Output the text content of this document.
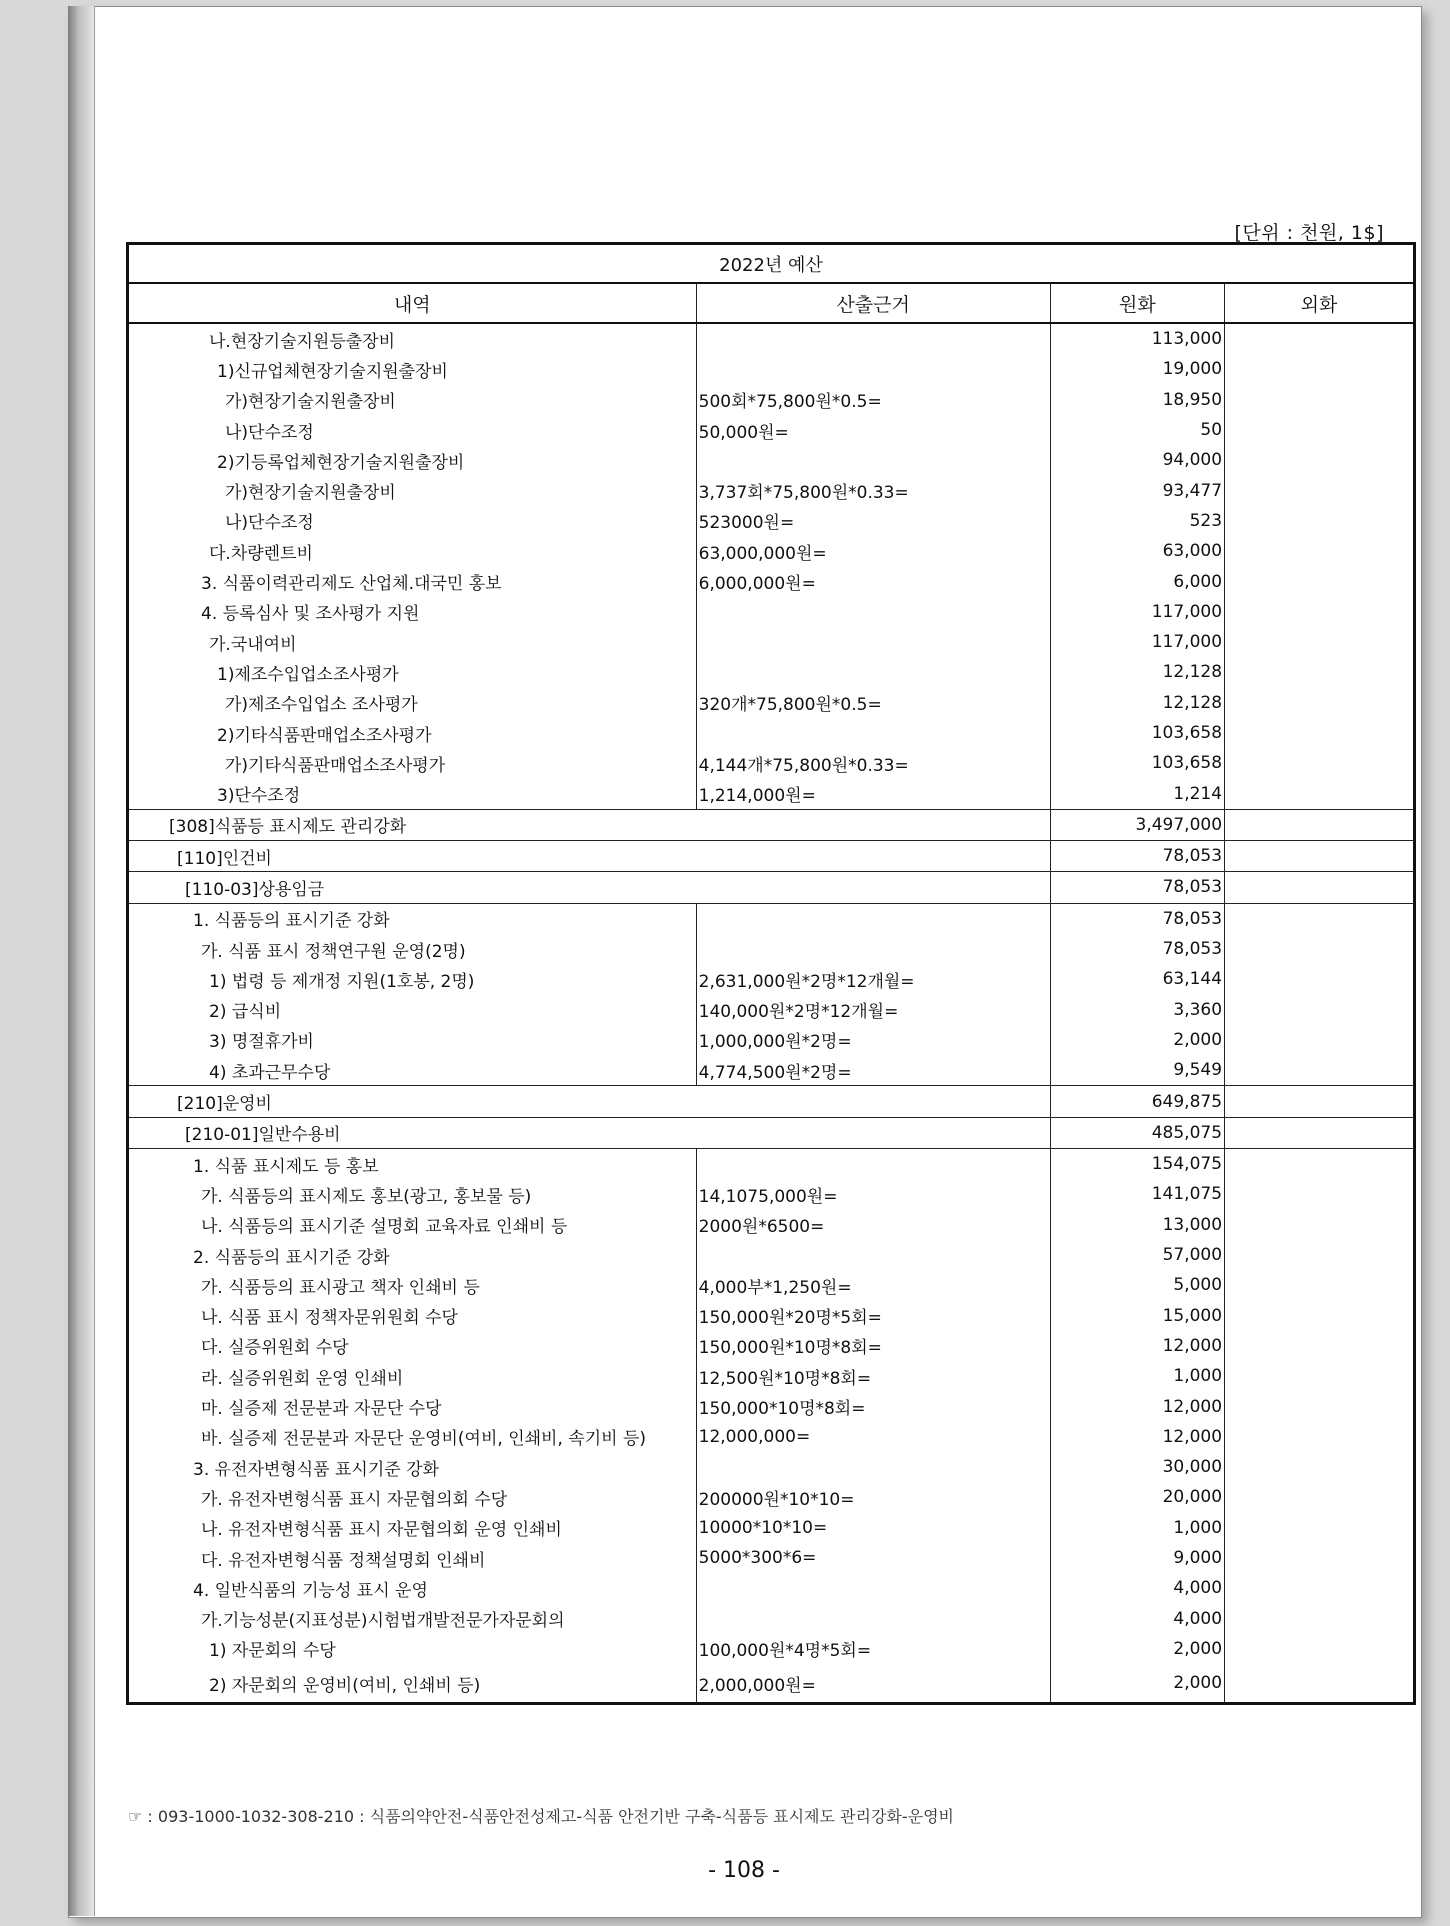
[단위 : 천원, 1$]
2022년 예산			
내역	산출근거	원화	외화
나.현장기술지원등출장비		113,000	
1)신규업체현장기술지원출장비		19,000	
가)현장기술지원출장비	500회*75,800원*0.5=	18,950	
나)단수조정	50,000원=	50	
2)기등록업체현장기술지원출장비		94,000	
가)현장기술지원출장비	3,737회*75,800원*0.33=	93,477	
나)단수조정	523000원=	523	
다.차량렌트비	63,000,000원=	63,000	
3. 식품이력관리제도 산업체.대국민 홍보	6,000,000원=	6,000	
4. 등록심사 및 조사평가 지원		117,000	
가.국내여비		117,000	
1)제조수입업소조사평가		12,128	
가)제조수입업소 조사평가	320개*75,800원*0.5=	12,128	
2)기타식품판매업소조사평가		103,658	
가)기타식품판매업소조사평가	4,144개*75,800원*0.33=	103,658	
3)단수조정	1,214,000원=	1,214	
[308]식품등 표시제도 관리강화		3,497,000	
[110]인건비		78,053	
[110-03]상용임금		78,053	
1. 식품등의 표시기준 강화		78,053	
가. 식품 표시 정책연구원 운영(2명)		78,053	
1) 법령 등 제개정 지원(1호봉, 2명)	2,631,000원*2명*12개월=	63,144	
2) 급식비	140,000원*2명*12개월=	3,360	
3) 명절휴가비	1,000,000원*2명=	2,000	
4) 초과근무수당	4,774,500원*2명=	9,549	
[210]운영비		649,875	
[210-01]일반수용비		485,075	
1. 식품 표시제도 등 홍보		154,075	
가. 식품등의 표시제도 홍보(광고, 홍보물 등)	14,1075,000원=	141,075	
나. 식품등의 표시기준 설명회 교육자료 인쇄비 등	2000원*6500=	13,000	
2. 식품등의 표시기준 강화		57,000	
가. 식품등의 표시광고 책자 인쇄비 등	4,000부*1,250원=	5,000	
나. 식품 표시 정책자문위원회 수당	150,000원*20명*5회=	15,000	
다. 실증위원회 수당	150,000원*10명*8회=	12,000	
라. 실증위원회 운영 인쇄비	12,500원*10명*8회=	1,000	
마. 실증제 전문분과 자문단 수당	150,000*10명*8회=	12,000	
바. 실증제 전문분과 자문단 운영비(여비, 인쇄비, 속기비 등)	12,000,000=	12,000	
3. 유전자변형식품 표시기준 강화		30,000	
가. 유전자변형식품 표시 자문협의회 수당	200000원*10*10=	20,000	
나. 유전자변형식품 표시 자문협의회 운영 인쇄비	10000*10*10=	1,000	
다. 유전자변형식품 정책설명회 인쇄비	5000*300*6=	9,000	
4. 일반식품의 기능성 표시 운영		4,000	
가.기능성분(지표성분)시험법개발전문가자문회의		4,000	
1) 자문회의 수당	100,000원*4명*5회=	2,000	
2) 자문회의 운영비(여비, 인쇄비 등)	2,000,000원=	2,000	
☞ : 093-1000-1032-308-210 : 식품의약안전-식품안전성제고-식품 안전기반 구축-식품등 표시제도 관리강화-운영비
- 108 -
